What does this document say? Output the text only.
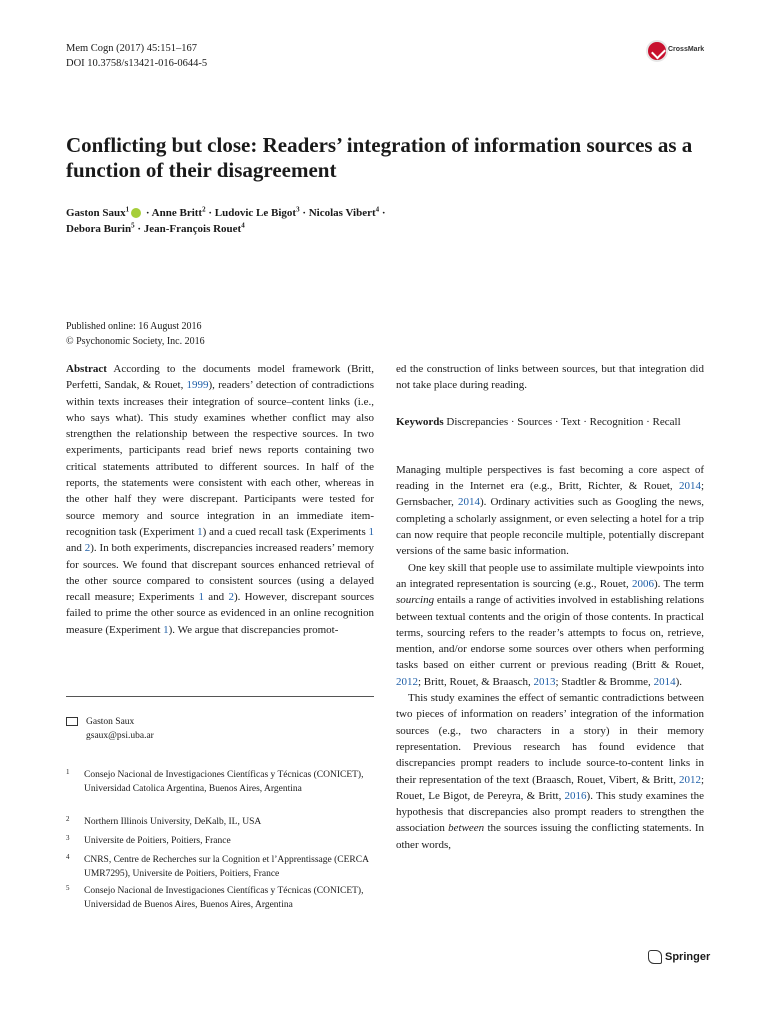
Mem Cogn (2017) 45:151–167
DOI 10.3758/s13421-016-0644-5
CrossMark
Conflicting but close: Readers’ integration of information sources as a function of their disagreement
Gaston Saux$^1$ · Anne Britt$^2$ · Ludovic Le Bigot$^3$ · Nicolas Vibert$^4$ ·
Debora Burin$^5$ · Jean-François Rouet$^4$
Published online: 16 August 2016
© Psychonomic Society, Inc. 2016

Abstract According to the documents model framework (Britt, Perfetti, Sandak, & Rouet, 1999), readers’ detection of contradictions within texts increases their integration of source–content links (i.e., who says what). This study examines whether conflict may also strengthen the relationship between the respective sources. In two experiments, participants read brief news reports containing two critical statements attributed to different sources. In half of the reports, the statements were consistent with each other, whereas in the other half they were discrepant. Participants were tested for source memory and source integration in an immediate item-recognition task (Experiment 1) and a cued recall task (Experiments 1 and 2). In both experiments, discrepancies increased readers’ memory for sources. We found that discrepant sources enhanced retrieval of the other source compared to consistent sources (using a delayed recall measure; Experiments 1 and 2). However, discrepant sources failed to prime the other source as evidenced in an online recognition measure (Experiment 1). We argue that discrepancies promot-

Gaston Saux
gsaux@psi.uba.ar
1 Consejo Nacional de Investigaciones Científicas y Técnicas (CONICET), Universidad Catolica Argentina, Buenos Aires, Argentina
2 Northern Illinois University, DeKalb, IL, USA
3 Universite de Poitiers, Poitiers, France
4 CNRS, Centre de Recherches sur la Cognition et l’Apprentissage (CERCA UMR7295), Universite de Poitiers, Poitiers, France
5 Consejo Nacional de Investigaciones Científicas y Técnicas (CONICET), Universidad de Buenos Aires, Buenos Aires, Argentina

ed the construction of links between sources, but that integration did not take place during reading.

Keywords Discrepancies · Sources · Text · Recognition · Recall

Managing multiple perspectives is fast becoming a core aspect of reading in the Internet era (e.g., Britt, Richter, & Rouet, 2014; Gernsbacher, 2014). Ordinary activities such as Googling the news, completing a scholarly assignment, or even selecting a hotel for a trip can now require that people reconcile multiple, potentially discrepant versions of the same basic information.

One key skill that people use to assimilate multiple viewpoints into an integrated representation is sourcing (e.g., Rouet, 2006). The term sourcing entails a range of activities involved in establishing relations between textual contents and the origin of those contents. In practical terms, sourcing refers to the reader’s attempts to focus on, retrieve, mention, and/or endorse some sources over others when performing tasks based on either current or previous reading (Britt & Rouet, 2012; Britt, Rouet, & Braasch, 2013; Stadtler & Bromme, 2014).

This study examines the effect of semantic contradictions between two pieces of information on readers’ integration of the information sources (e.g., two characters in a story) in their memory representation. Previous research has found evidence that discrepancies prompt readers to include source-to-content links in their representation of the text (Braasch, Rouet, Vibert, & Britt, 2012; Rouet, Le Bigot, de Pereyra, & Britt, 2016). This study examines the hypothesis that discrepancies also prompt readers to strengthen the association between the sources issuing the conflicting statements. In other words,

Springer
